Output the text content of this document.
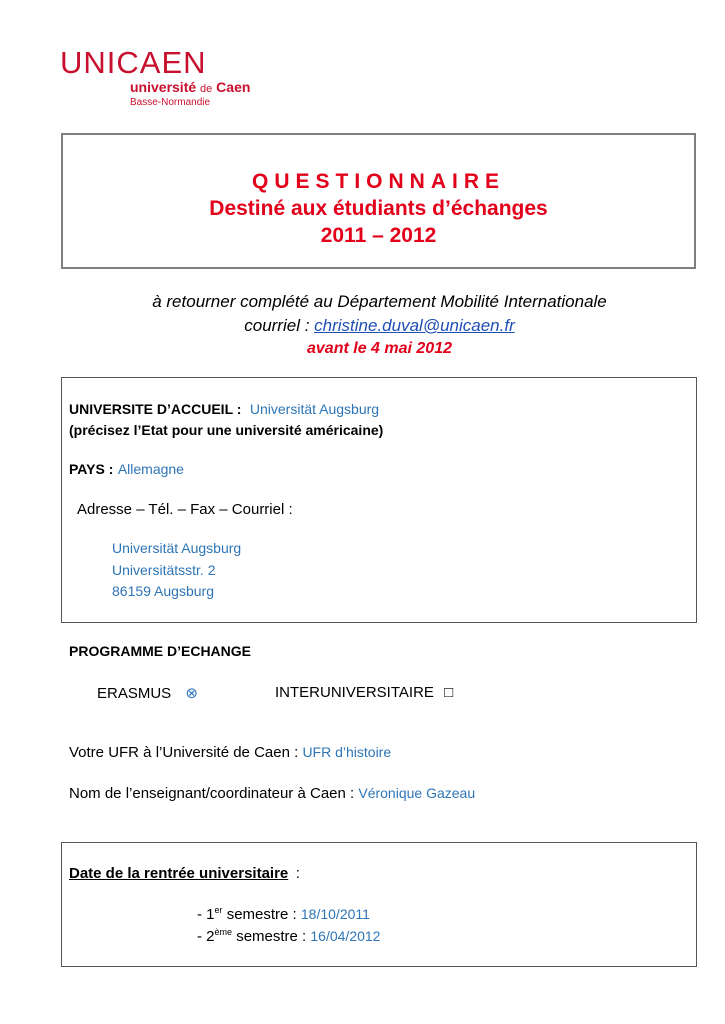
UNICAEN
université de Caen
Basse-Normandie
QUESTIONNAIRE
Destiné aux étudiants d’échanges
2011 – 2012
à retourner complété au Département Mobilité Internationale
courriel : christine.duval@unicaen.fr
avant le 4 mai 2012
UNIVERSITE D’ACCUEIL : Universität Augsburg
(précisez l’Etat pour une université américaine)
PAYS : Allemagne
Adresse – Tél. – Fax – Courriel :
Universität Augsburg
Universitätsstr. 2
86159 Augsburg
PROGRAMME D’ECHANGE
ERASMUS ⊗	INTERUNIVERSITAIRE □
Votre UFR à l’Université de Caen : UFR d’histoire
Nom de l’enseignant/coordinateur à Caen : Véronique Gazeau
Date de la rentrée universitaire :
- 1er semestre : 18/10/2011
- 2ème semestre : 16/04/2012
